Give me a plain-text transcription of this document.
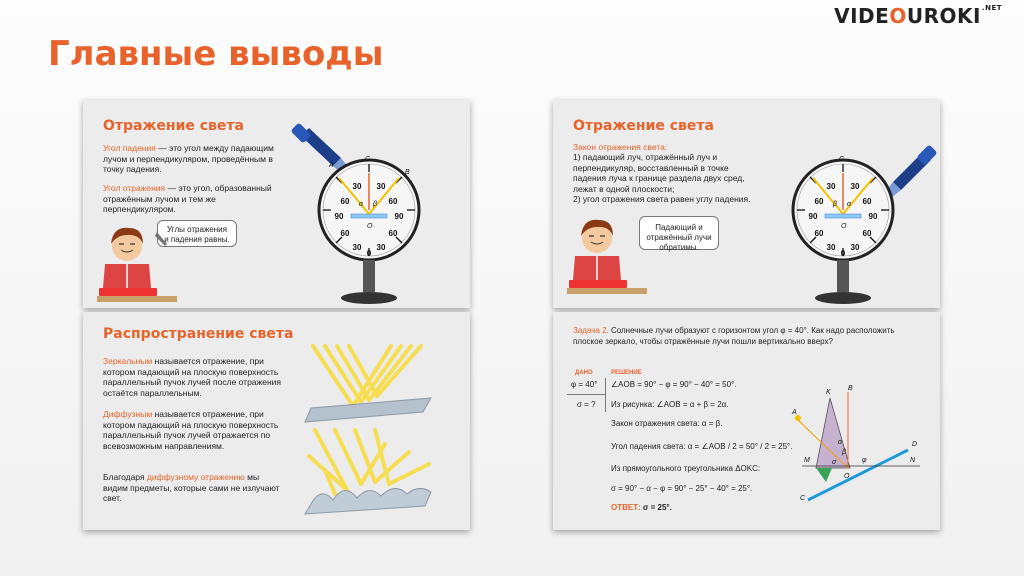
$VIDEOUROKI^{.NET}$
Главные выводы
Отражение света
Угол падения — это угол между падающим лучом и перпендикуляром, проведённым в точку падения.
Угол отражения — это угол, образованный отражённым лучом и тем же перпендикуляром.
Углы отражения и падения равны.
30 30
60	60
90	90
60	60
30 30
0
A
C
B
O
α β
Отражение света
Закон отражения света:
1) падающий луч, отражённый луч и перпендикуляр, восставленный в точке падения луча к границе раздела двух сред, лежат в одной плоскости;
2) угол отражения света равен углу падения.
Падающий и отражённый лучи обратимы.
30 30
60	60
90	90
60	60
30 30
0
C
O
β α
Распространение света
Зеркальным называется отражение, при котором падающий на плоскую поверхность параллельный пучок лучей после отражения остаётся параллельным.
Диффузным называется отражение, при котором падающий на плоскую поверхность параллельный пучок лучей отражается по всевозможным направлениям.
Благодаря диффузному отражению мы видим предметы, которые сами не излучают свет.
Задача 2. Солнечные лучи образуют с горизонтом угол φ = 40°. Как надо расположить плоское зеркало, чтобы отражённые лучи пошли вертикально вверх?
ДАНО
φ = 40°
σ = ?
РЕШЕНИЕ
∠AOB = 90° − φ = 90° − 40° = 50°.
Из рисунка: ∠AOB = α + β = 2α.
Закон отражения света: α = β.
Угол падения света: α = ∠AOB / 2 = 50° / 2 = 25°.
Из прямоугольного треугольника ΔOKC:
σ = 90° − α − φ = 90° − 25° − 40° = 25°.
ОТВЕТ: σ = 25°.
K
B
A
D
M	N
O
C
φ
α
β
σ
